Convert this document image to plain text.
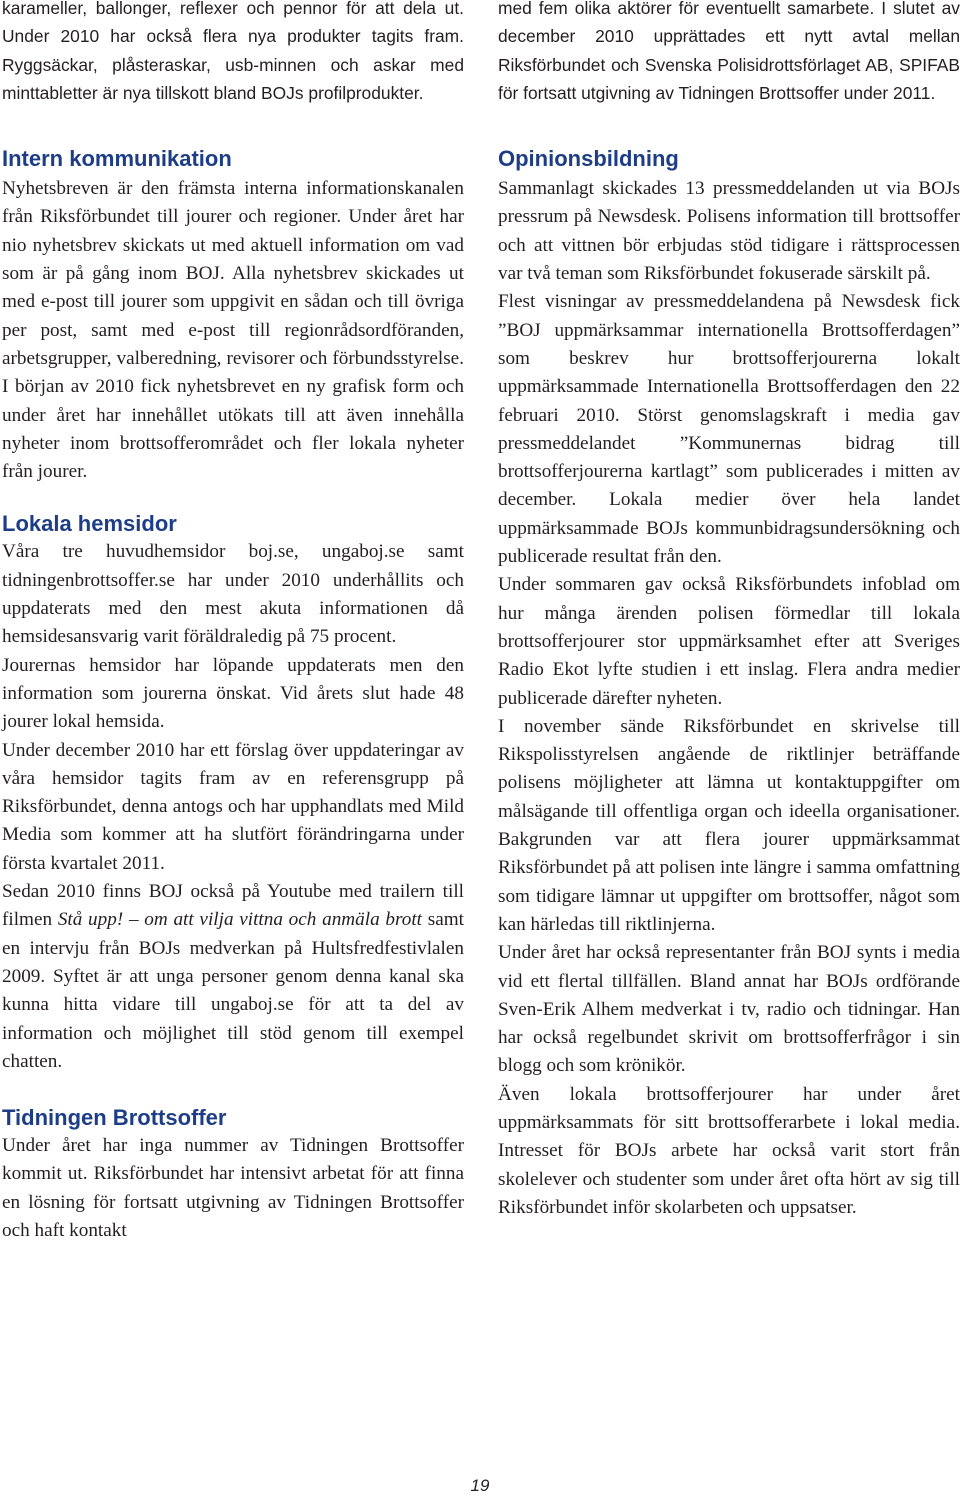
karameller, ballonger, reflexer och pennor för att dela ut. Under 2010 har också flera nya produkter tagits fram. Ryggsäckar, plåsteraskar, usb-minnen och askar med minttabletter är nya tillskott bland BOJs profilprodukter.

Intern kommunikation

Nyhetsbreven är den främsta interna informationskanalen från Riksförbundet till jourer och regioner. Under året har nio nyhetsbrev skickats ut med aktuell information om vad som är på gång inom BOJ. Alla nyhetsbrev skickades ut med e-post till jourer som uppgivit en sådan och till övriga per post, samt med e-post till regionrådsordföranden, arbetsgrupper, valberedning, revisorer och förbundsstyrelse. I början av 2010 fick nyhetsbrevet en ny grafisk form och under året har innehållet utökats till att även innehålla nyheter inom brottsofferområdet och fler lokala nyheter från jourer.

Lokala hemsidor

Våra tre huvudhemsidor boj.se, ungaboj.se samt tidningenbrottsoffer.se har under 2010 underhållits och uppdaterats med den mest akuta informationen då hemsidesansvarig varit föräldraledig på 75 procent.

Jourernas hemsidor har löpande uppdaterats men den information som jourerna önskat. Vid årets slut hade 48 jourer lokal hemsida.

Under december 2010 har ett förslag över uppdateringar av våra hemsidor tagits fram av en referensgrupp på Riksförbundet, denna antogs och har upphandlats med Mild Media som kommer att ha slutfört förändringarna under första kvartalet 2011.

Sedan 2010 finns BOJ också på Youtube med trailern till filmen Stå upp! – om att vilja vittna och anmäla brott samt en intervju från BOJs medverkan på Hultsfredfestivlalen 2009. Syftet är att unga personer genom denna kanal ska kunna hitta vidare till ungaboj.se för att ta del av information och möjlighet till stöd genom till exempel chatten.

Tidningen Brottsoffer

Under året har inga nummer av Tidningen Brottsoffer kommit ut. Riksförbundet har intensivt arbetat för att finna en lösning för fortsatt utgivning av Tidningen Brottsoffer och haft kontakt

med fem olika aktörer för eventuellt samarbete. I slutet av december 2010 upprättades ett nytt avtal mellan Riksförbundet och Svenska Polisidrottsförlaget AB, SPIFAB för fortsatt utgivning av Tidningen Brottsoffer under 2011.

Opinionsbildning

Sammanlagt skickades 13 pressmeddelanden ut via BOJs pressrum på Newsdesk. Polisens information till brottsoffer och att vittnen bör erbjudas stöd tidigare i rättsprocessen var två teman som Riksförbundet fokuserade särskilt på.

Flest visningar av pressmeddelandena på Newsdesk fick ”BOJ uppmärksammar internationella Brottsofferdagen” som beskrev hur brottsofferjourerna lokalt uppmärksammade Internationella Brottsofferdagen den 22 februari 2010. Störst genomslagskraft i media gav pressmeddelandet ”Kommunernas bidrag till brottsofferjourerna kartlagt” som publicerades i mitten av december. Lokala medier över hela landet uppmärksammade BOJs kommunbidragsundersökning och publicerade resultat från den.

Under sommaren gav också Riksförbundets infoblad om hur många ärenden polisen förmedlar till lokala brottsofferjourer stor uppmärksamhet efter att Sveriges Radio Ekot lyfte studien i ett inslag. Flera andra medier publicerade därefter nyheten.

I november sände Riksförbundet en skrivelse till Rikspolisstyrelsen angående de riktlinjer beträffande polisens möjligheter att lämna ut kontaktuppgifter om målsägande till offentliga organ och ideella organisationer. Bakgrunden var att flera jourer uppmärksammat Riksförbundet på att polisen inte längre i samma omfattning som tidigare lämnar ut uppgifter om brottsoffer, något som kan härledas till riktlinjerna.

Under året har också representanter från BOJ synts i media vid ett flertal tillfällen. Bland annat har BOJs ordförande Sven-Erik Alhem medverkat i tv, radio och tidningar. Han har också regelbundet skrivit om brottsofferfrågor i sin blogg och som krönikör.

Även lokala brottsofferjourer har under året uppmärksammats för sitt brottsofferarbete i lokal media. Intresset för BOJs arbete har också varit stort från skolelever och studenter som under året ofta hört av sig till Riksförbundet inför skolarbeten och uppsatser.

19
